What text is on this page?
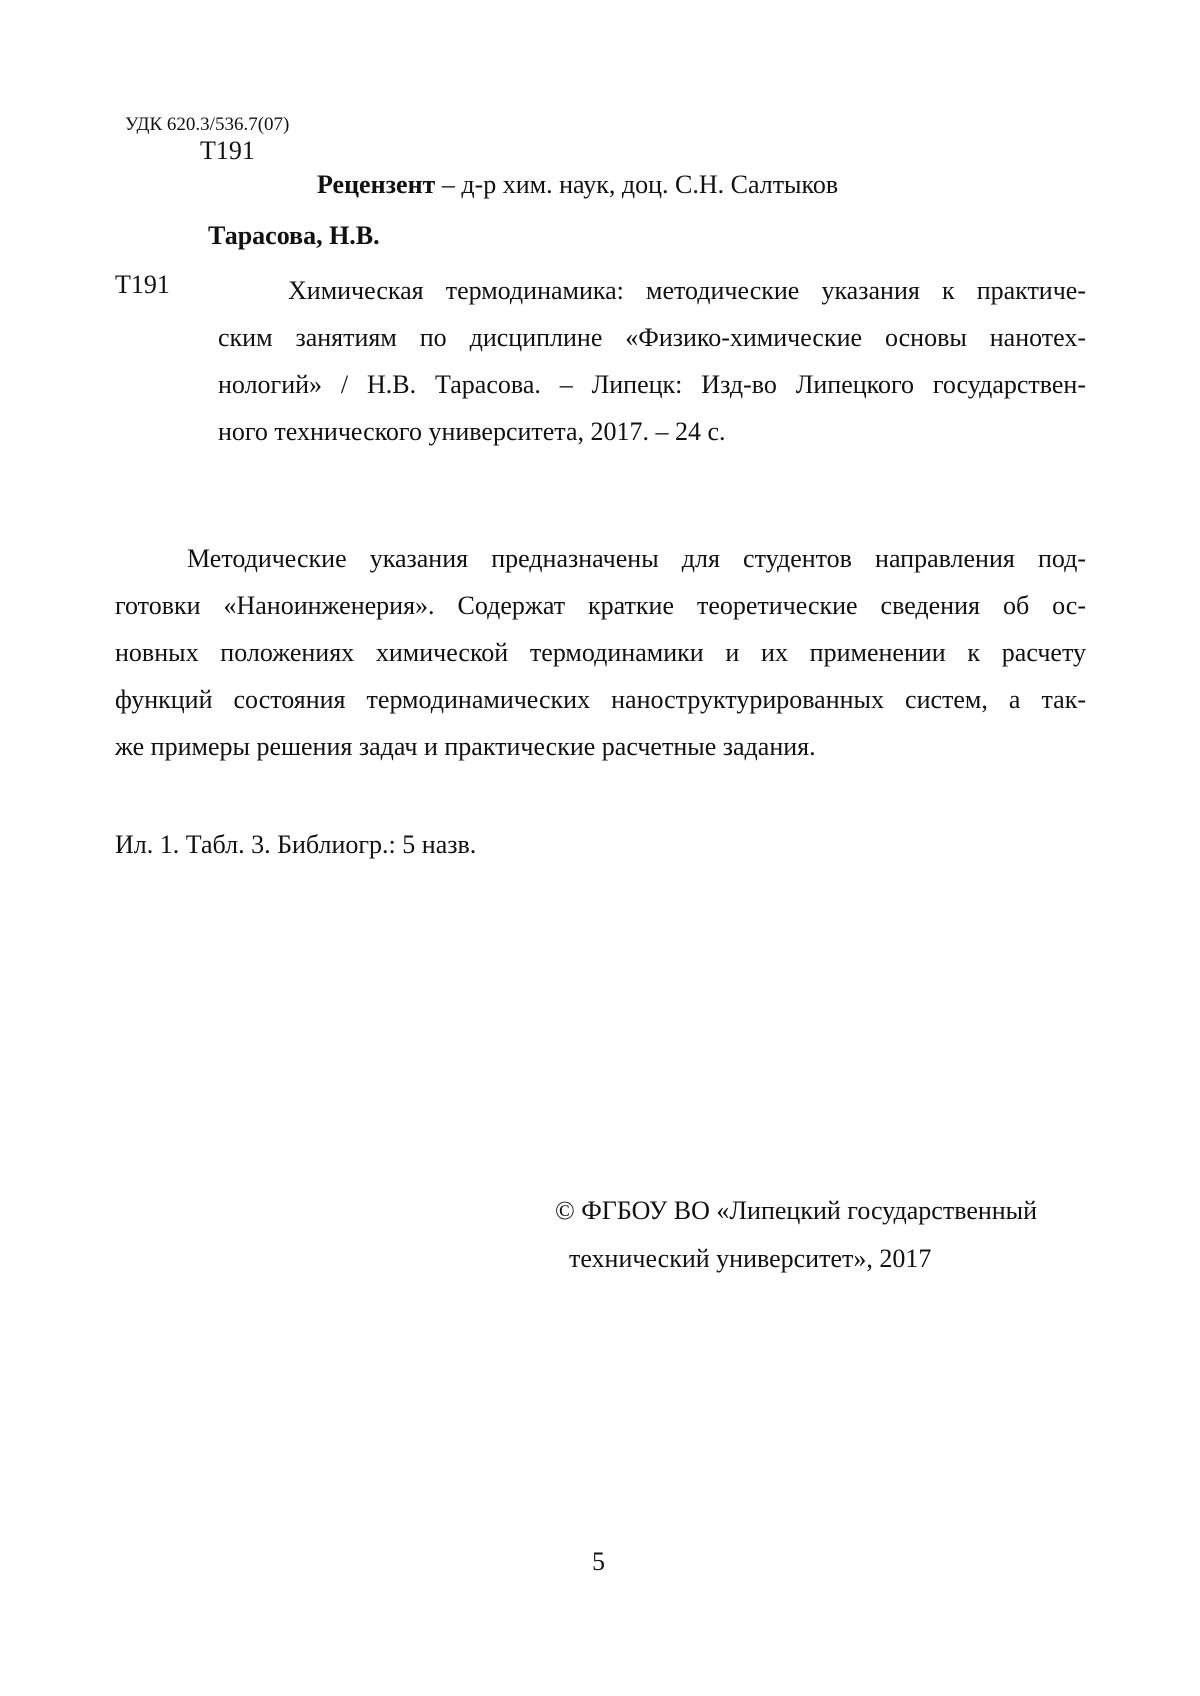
УДК 620.3/536.7(07)
Т191
Рецензент – д-р хим. наук, доц. С.Н. Салтыков
Тарасова, Н.В.
Т191	Химическая термодинамика: методические указания к практиче-
ским занятиям по дисциплине «Физико-химические основы нанотех-
нологий» / Н.В. Тарасова. – Липецк: Изд-во Липецкого государствен-
ного технического университета, 2017. – 24 с.
Методические указания предназначены для студентов направления под-
готовки «Наноинженерия». Содержат краткие теоретические сведения об ос-
новных положениях химической термодинамики и их применении к расчету
функций состояния термодинамических наноструктурированных систем, а так-
же примеры решения задач и практические расчетные задания.
Ил. 1. Табл. 3. Библиогр.: 5 назв.
© ФГБОУ ВО «Липецкий государственный
технический университет», 2017
5
